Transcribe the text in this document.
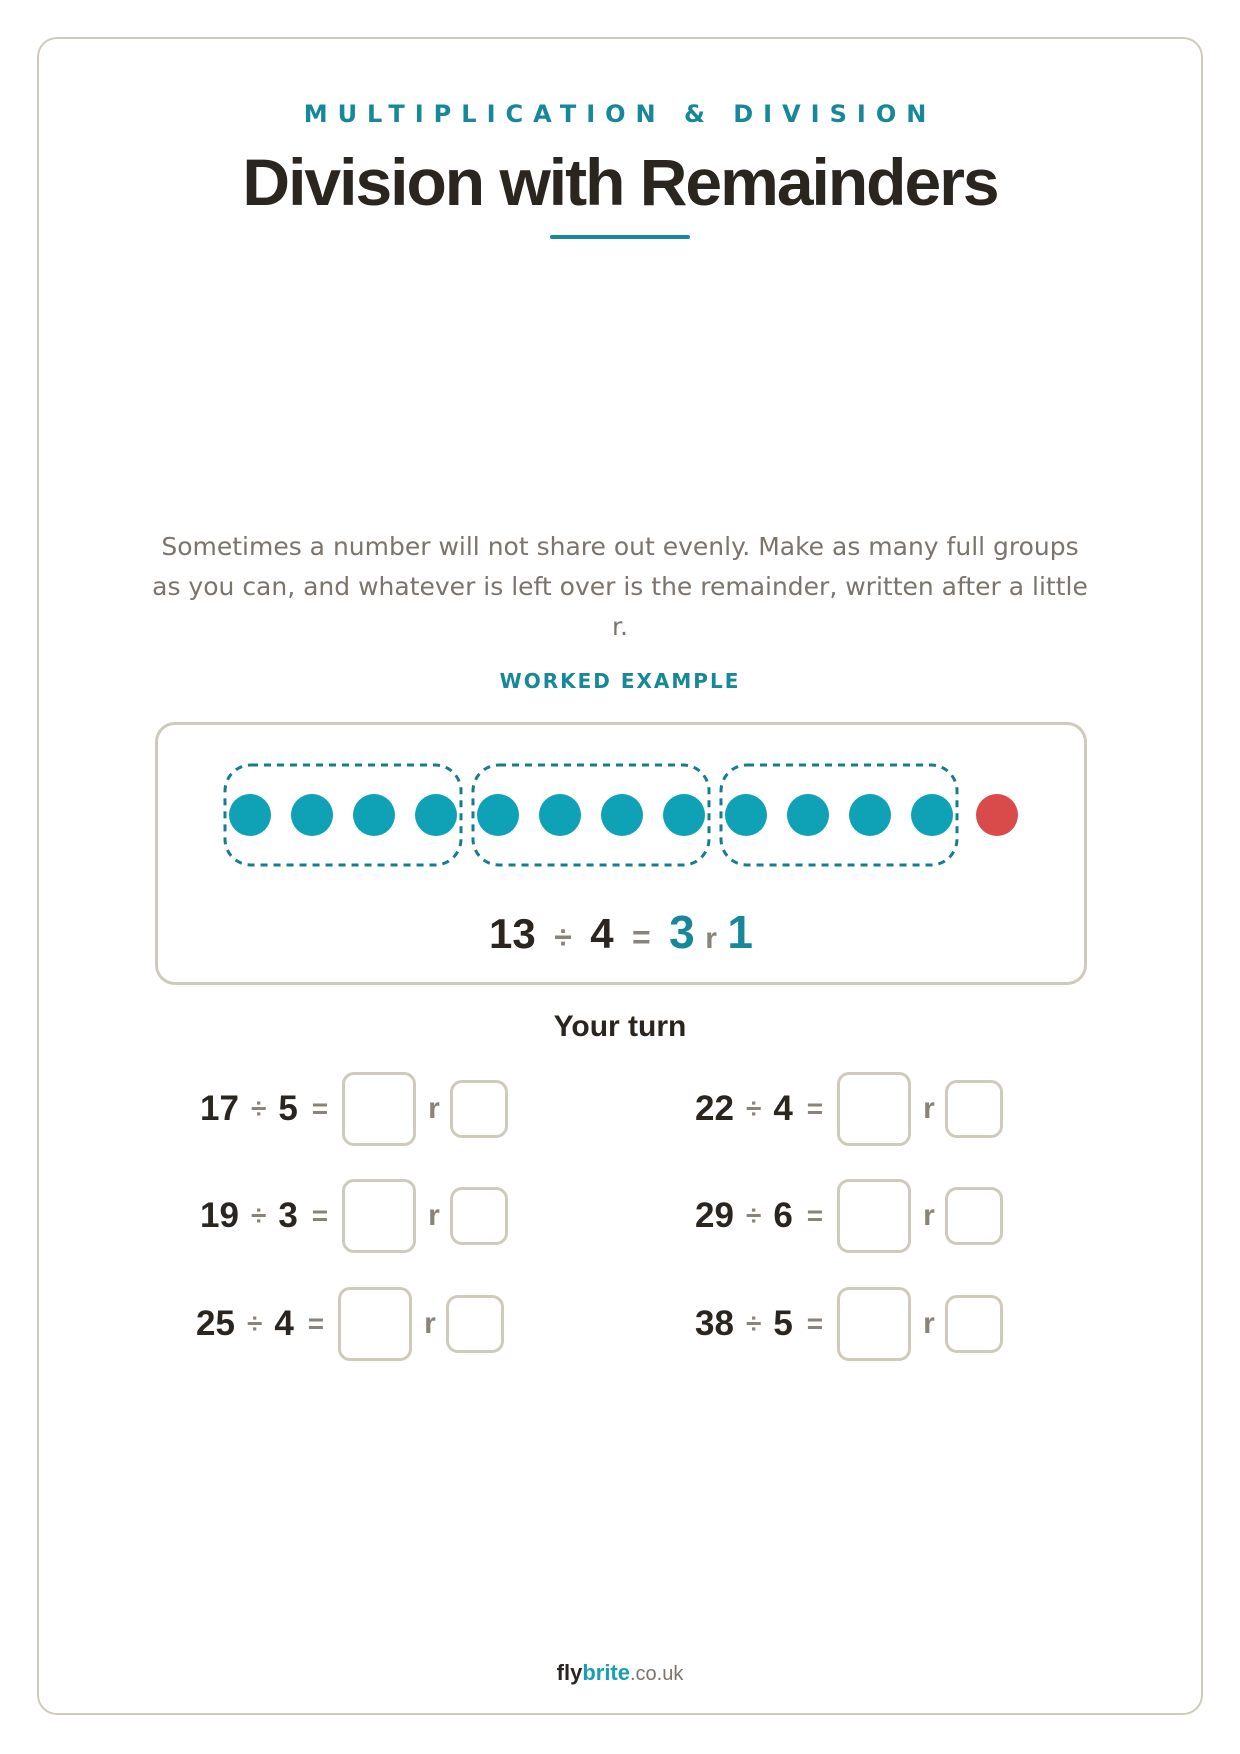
MULTIPLICATION & DIVISION
Division with Remainders
Sometimes a number will not share out evenly. Make as many full groups as you can, and whatever is left over is the remainder, written after a little r.
WORKED EXAMPLE
13 ÷ 4 = 3 r 1
Your turn
17 ÷ 5 =	r	22 ÷ 4 =	r
19 ÷ 3 =	r	29 ÷ 6 =	r
25 ÷ 4 =	r	38 ÷ 5 =	r
flybrite.co.uk
